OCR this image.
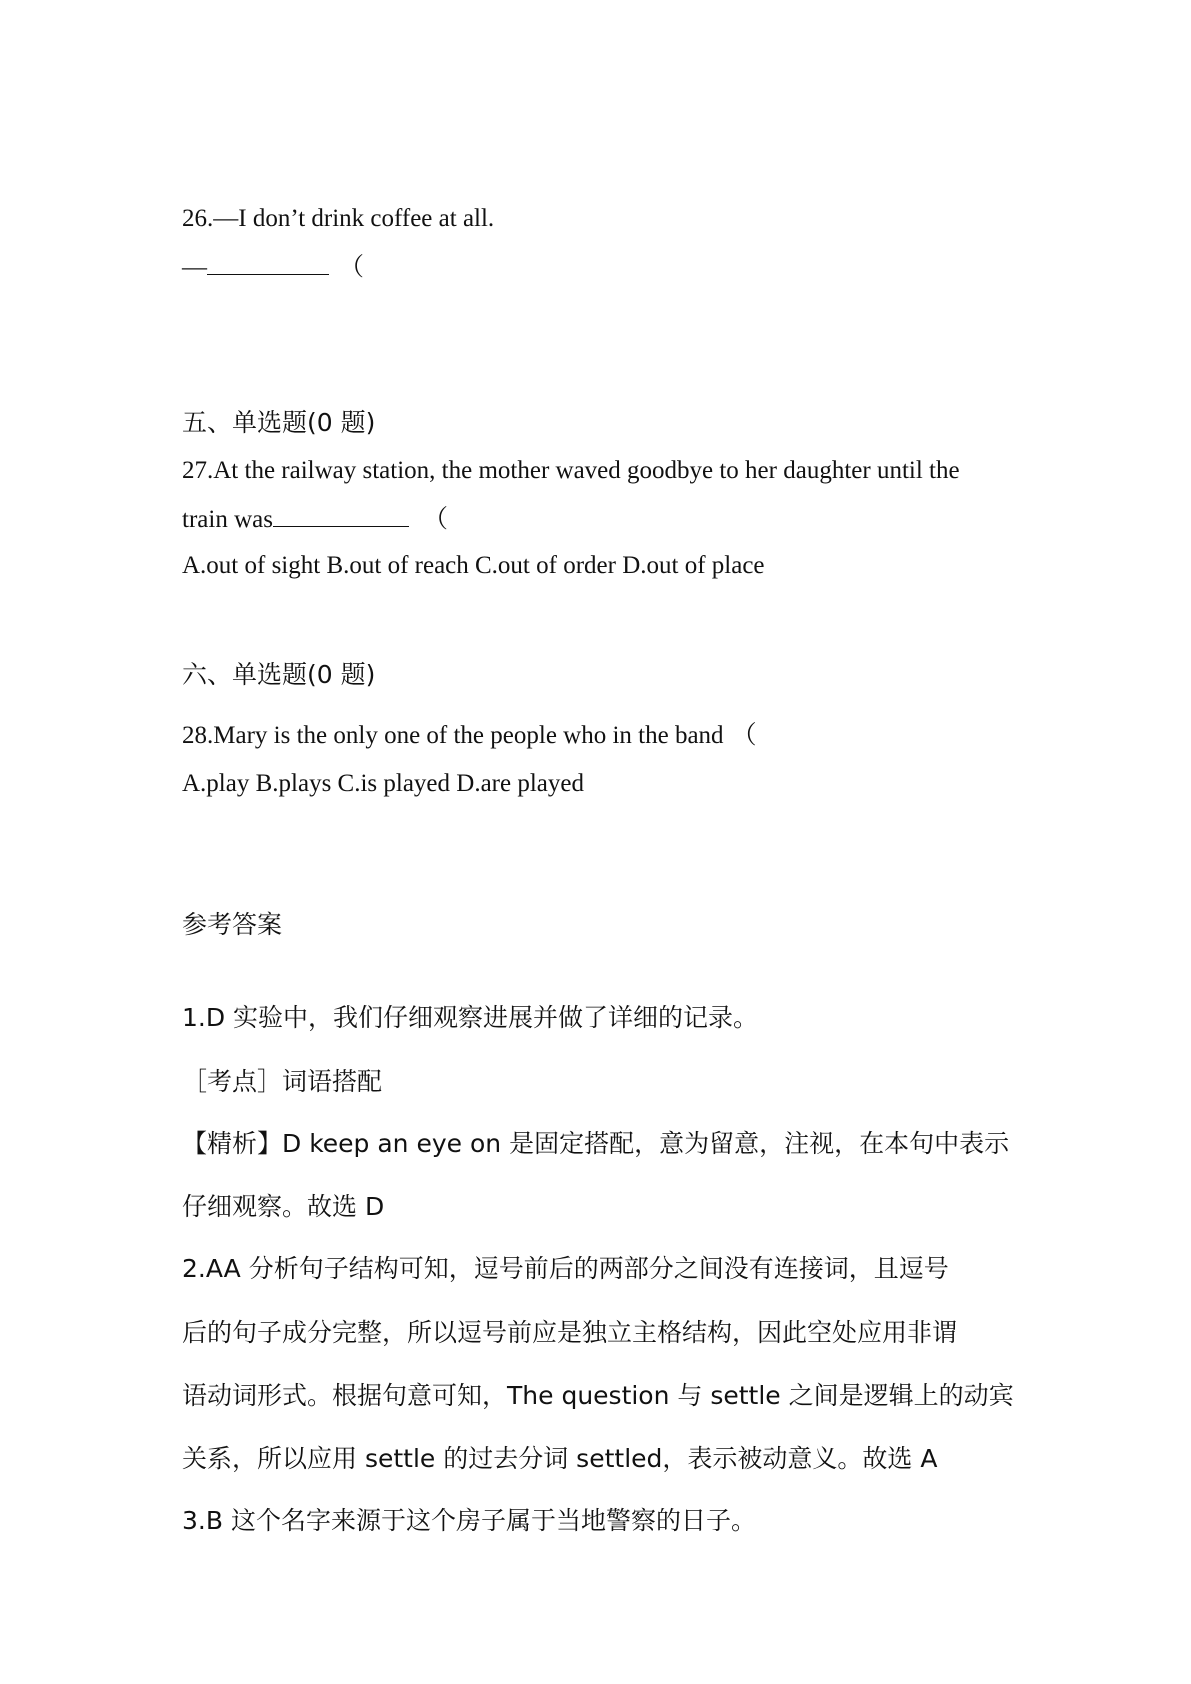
26.—I don’t drink coffee at all.
—	（
五、单选题(0 题)
27.At the railway station, the mother waved goodbye to her daughter until the
train was	（
A.out of sight B.out of reach C.out of order D.out of place
六、单选题(0 题)
28.Mary is the only one of the people who in the band （
A.play B.plays C.is played D.are played
参考答案
1.D 实验中，我们仔细观察进展并做了详细的记录。
［考点］词语搭配
【精析】D keep an eye on 是固定搭配，意为留意，注视，在本句中表示
仔细观察。故选 D
2.AA 分析句子结构可知，逗号前后的两部分之间没有连接词，且逗号
后的句子成分完整，所以逗号前应是独立主格结构，因此空处应用非谓
语动词形式。根据句意可知，The question 与 settle 之间是逻辑上的动宾
关系，所以应用 settle 的过去分词 settled，表示被动意义。故选 A
3.B 这个名字来源于这个房子属于当地警察的日子。
